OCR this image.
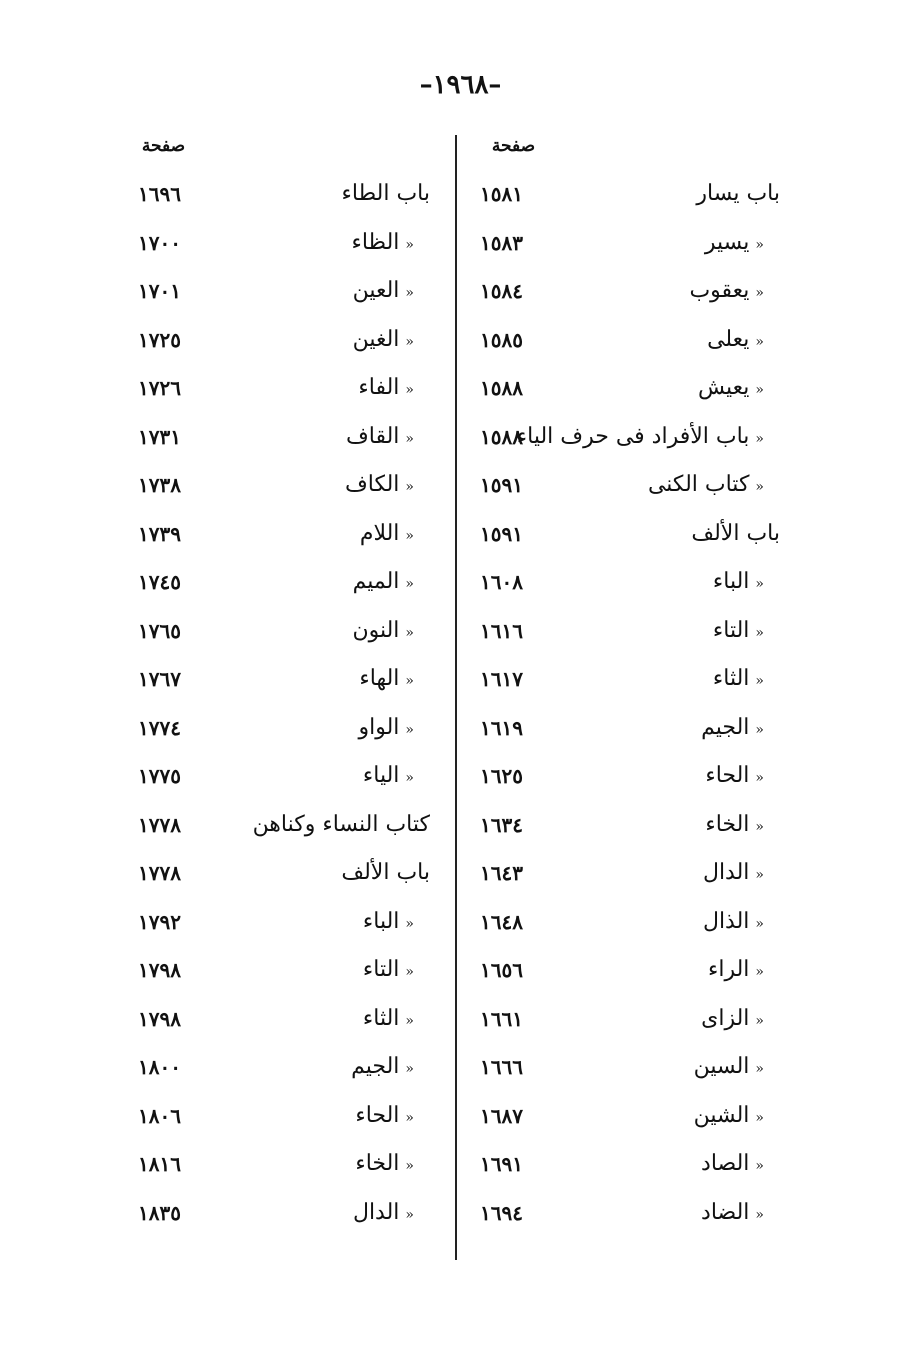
–١٩٦٨–
صفحة
باب يسار
١٥٨١
«يسير
١٥٨٣
«يعقوب
١٥٨٤
«يعلى
١٥٨٥
«يعيش
١٥٨٨
«باب الأفراد فى حرف الياء
١٥٨٨
«كتاب الكنى
١٥٩١
باب الألف
١٥٩١
«الباء
١٦٠٨
«التاء
١٦١٦
«الثاء
١٦١٧
«الجيم
١٦١٩
«الحاء
١٦٢٥
«الخاء
١٦٣٤
«الدال
١٦٤٣
«الذال
١٦٤٨
«الراء
١٦٥٦
«الزاى
١٦٦١
«السين
١٦٦٦
«الشين
١٦٨٧
«الصاد
١٦٩١
«الضاد
١٦٩٤
صفحة
باب الطاء
١٦٩٦
«الظاء
١٧٠٠
«العين
١٧٠١
«الغين
١٧٢٥
«الفاء
١٧٢٦
«القاف
١٧٣١
«الكاف
١٧٣٨
«اللام
١٧٣٩
«الميم
١٧٤٥
«النون
١٧٦٥
«الهاء
١٧٦٧
«الواو
١٧٧٤
«الياء
١٧٧٥
كتاب النساء وكناهن
١٧٧٨
باب الألف
١٧٧٨
«الباء
١٧٩٢
«التاء
١٧٩٨
«الثاء
١٧٩٨
«الجيم
١٨٠٠
«الحاء
١٨٠٦
«الخاء
١٨١٦
«الدال
١٨٣٥
